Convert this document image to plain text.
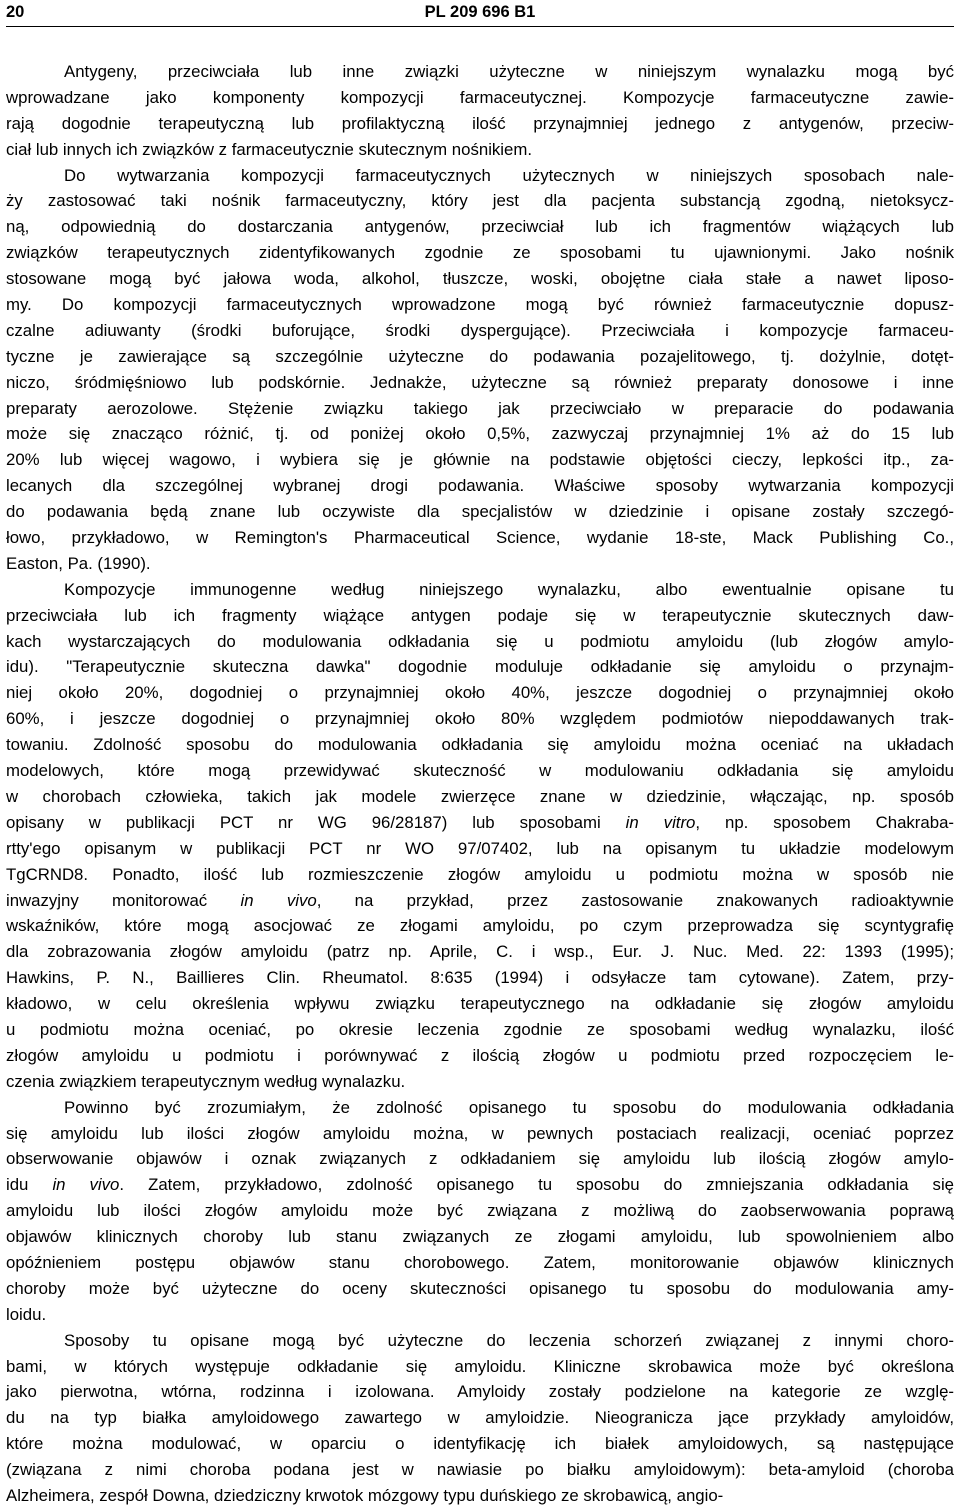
20	PL 209 696 B1
Antygeny, przeciwciała lub inne związki użyteczne w niniejszym wynalazku mogą być
wprowadzane jako komponenty kompozycji farmaceutycznej. Kompozycje farmaceutyczne zawie-
rają dogodnie terapeutyczną lub profilaktyczną ilość przynajmniej jednego z antygenów, przeciw-
ciał lub innych ich związków z farmaceutycznie skutecznym nośnikiem.
Do wytwarzania kompozycji farmaceutycznych użytecznych w niniejszych sposobach nale-
ży zastosować taki nośnik farmaceutyczny, który jest dla pacjenta substancją zgodną, nietoksycz-
ną, odpowiednią do dostarczania antygenów, przeciwciał lub ich fragmentów wiążących lub
związków terapeutycznych zidentyfikowanych zgodnie ze sposobami tu ujawnionymi. Jako nośnik
stosowane mogą być jałowa woda, alkohol, tłuszcze, woski, obojętne ciała stałe a nawet liposo-
my. Do kompozycji farmaceutycznych wprowadzone mogą być również farmaceutycznie dopusz-
czalne adiuwanty (środki buforujące, środki dyspergujące). Przeciwciała i kompozycje farmaceu-
tyczne je zawierające są szczególnie użyteczne do podawania pozajelitowego, tj. dożylnie, dotęt-
niczo, śródmięśniowo lub podskórnie. Jednakże, użyteczne są również preparaty donosowe i inne
preparaty aerozolowe. Stężenie związku takiego jak przeciwciało w preparacie do podawania
może się znacząco różnić, tj. od poniżej około 0,5%, zazwyczaj przynajmniej 1% aż do 15 lub
20% lub więcej wagowo, i wybiera się je głównie na podstawie objętości cieczy, lepkości itp., za-
lecanych dla szczególnej wybranej drogi podawania. Właściwe sposoby wytwarzania kompozycji
do podawania będą znane lub oczywiste dla specjalistów w dziedzinie i opisane zostały szczegó-
łowo, przykładowo, w Remington's Pharmaceutical Science, wydanie 18-ste, Mack Publishing Co.,
Easton, Pa. (1990).
Kompozycje immunogenne według niniejszego wynalazku, albo ewentualnie opisane tu
przeciwciała lub ich fragmenty wiążące antygen podaje się w terapeutycznie skutecznych daw-
kach wystarczających do modulowania odkładania się u podmiotu amyloidu (lub złogów amylo-
idu). "Terapeutycznie skuteczna dawka" dogodnie moduluje odkładanie się amyloidu o przynajm-
niej około 20%, dogodniej o przynajmniej około 40%, jeszcze dogodniej o przynajmniej około
60%, i jeszcze dogodniej o przynajmniej około 80% względem podmiotów niepoddawanych trak-
towaniu. Zdolność sposobu do modulowania odkładania się amyloidu można oceniać na układach
modelowych, które mogą przewidywać skuteczność w modulowaniu odkładania się amyloidu
w chorobach człowieka, takich jak modele zwierzęce znane w dziedzinie, włączając, np. sposób
opisany w publikacji PCT nr WG 96/28187) lub sposobami in vitro, np. sposobem Chakraba-
rtty'ego opisanym w publikacji PCT nr WO 97/07402, lub na opisanym tu układzie modelowym
TgCRND8. Ponadto, ilość lub rozmieszczenie złogów amyloidu u podmiotu można w sposób nie
inwazyjny monitorować in vivo, na przykład, przez zastosowanie znakowanych radioaktywnie
wskaźników, które mogą asocjować ze złogami amyloidu, po czym przeprowadza się scyntygrafię
dla zobrazowania złogów amyloidu (patrz np. Aprile, C. i wsp., Eur. J. Nuc. Med. 22: 1393 (1995);
Hawkins, P. N., Baillieres Clin. Rheumatol. 8:635 (1994) i odsyłacze tam cytowane). Zatem, przy-
kładowo, w celu określenia wpływu związku terapeutycznego na odkładanie się złogów amyloidu
u podmiotu można oceniać, po okresie leczenia zgodnie ze sposobami według wynalazku, ilość
złogów amyloidu u podmiotu i porównywać z ilością złogów u podmiotu przed rozpoczęciem le-
czenia związkiem terapeutycznym według wynalazku.
Powinno być zrozumiałym, że zdolność opisanego tu sposobu do modulowania odkładania
się amyloidu lub ilości złogów amyloidu można, w pewnych postaciach realizacji, oceniać poprzez
obserwowanie objawów i oznak związanych z odkładaniem się amyloidu lub ilością złogów amylo-
idu in vivo. Zatem, przykładowo, zdolność opisanego tu sposobu do zmniejszania odkładania się
amyloidu lub ilości złogów amyloidu może być związana z możliwą do zaobserwowania poprawą
objawów klinicznych choroby lub stanu związanych ze złogami amyloidu, lub spowolnieniem albo
opóźnieniem postępu objawów stanu chorobowego. Zatem, monitorowanie objawów klinicznych
choroby może być użyteczne do oceny skuteczności opisanego tu sposobu do modulowania amy-
loidu.
Sposoby tu opisane mogą być użyteczne do leczenia schorzeń związanej z innymi choro-
bami, w których występuje odkładanie się amyloidu. Kliniczne skrobawica może być określona
jako pierwotna, wtórna, rodzinna i izolowana. Amyloidy zostały podzielone na kategorie ze wzglę-
du na typ białka amyloidowego zawartego w amyloidzie. Nieogranicza jące przykłady amyloidów,
które można modulować, w oparciu o identyfikację ich białek amyloidowych, są następujące
(związana z nimi choroba podana jest w nawiasie po białku amyloidowym): beta-amyloid (choroba
Alzheimera, zespół Downa, dziedziczny krwotok mózgowy typu duńskiego ze skrobawicą, angio-
